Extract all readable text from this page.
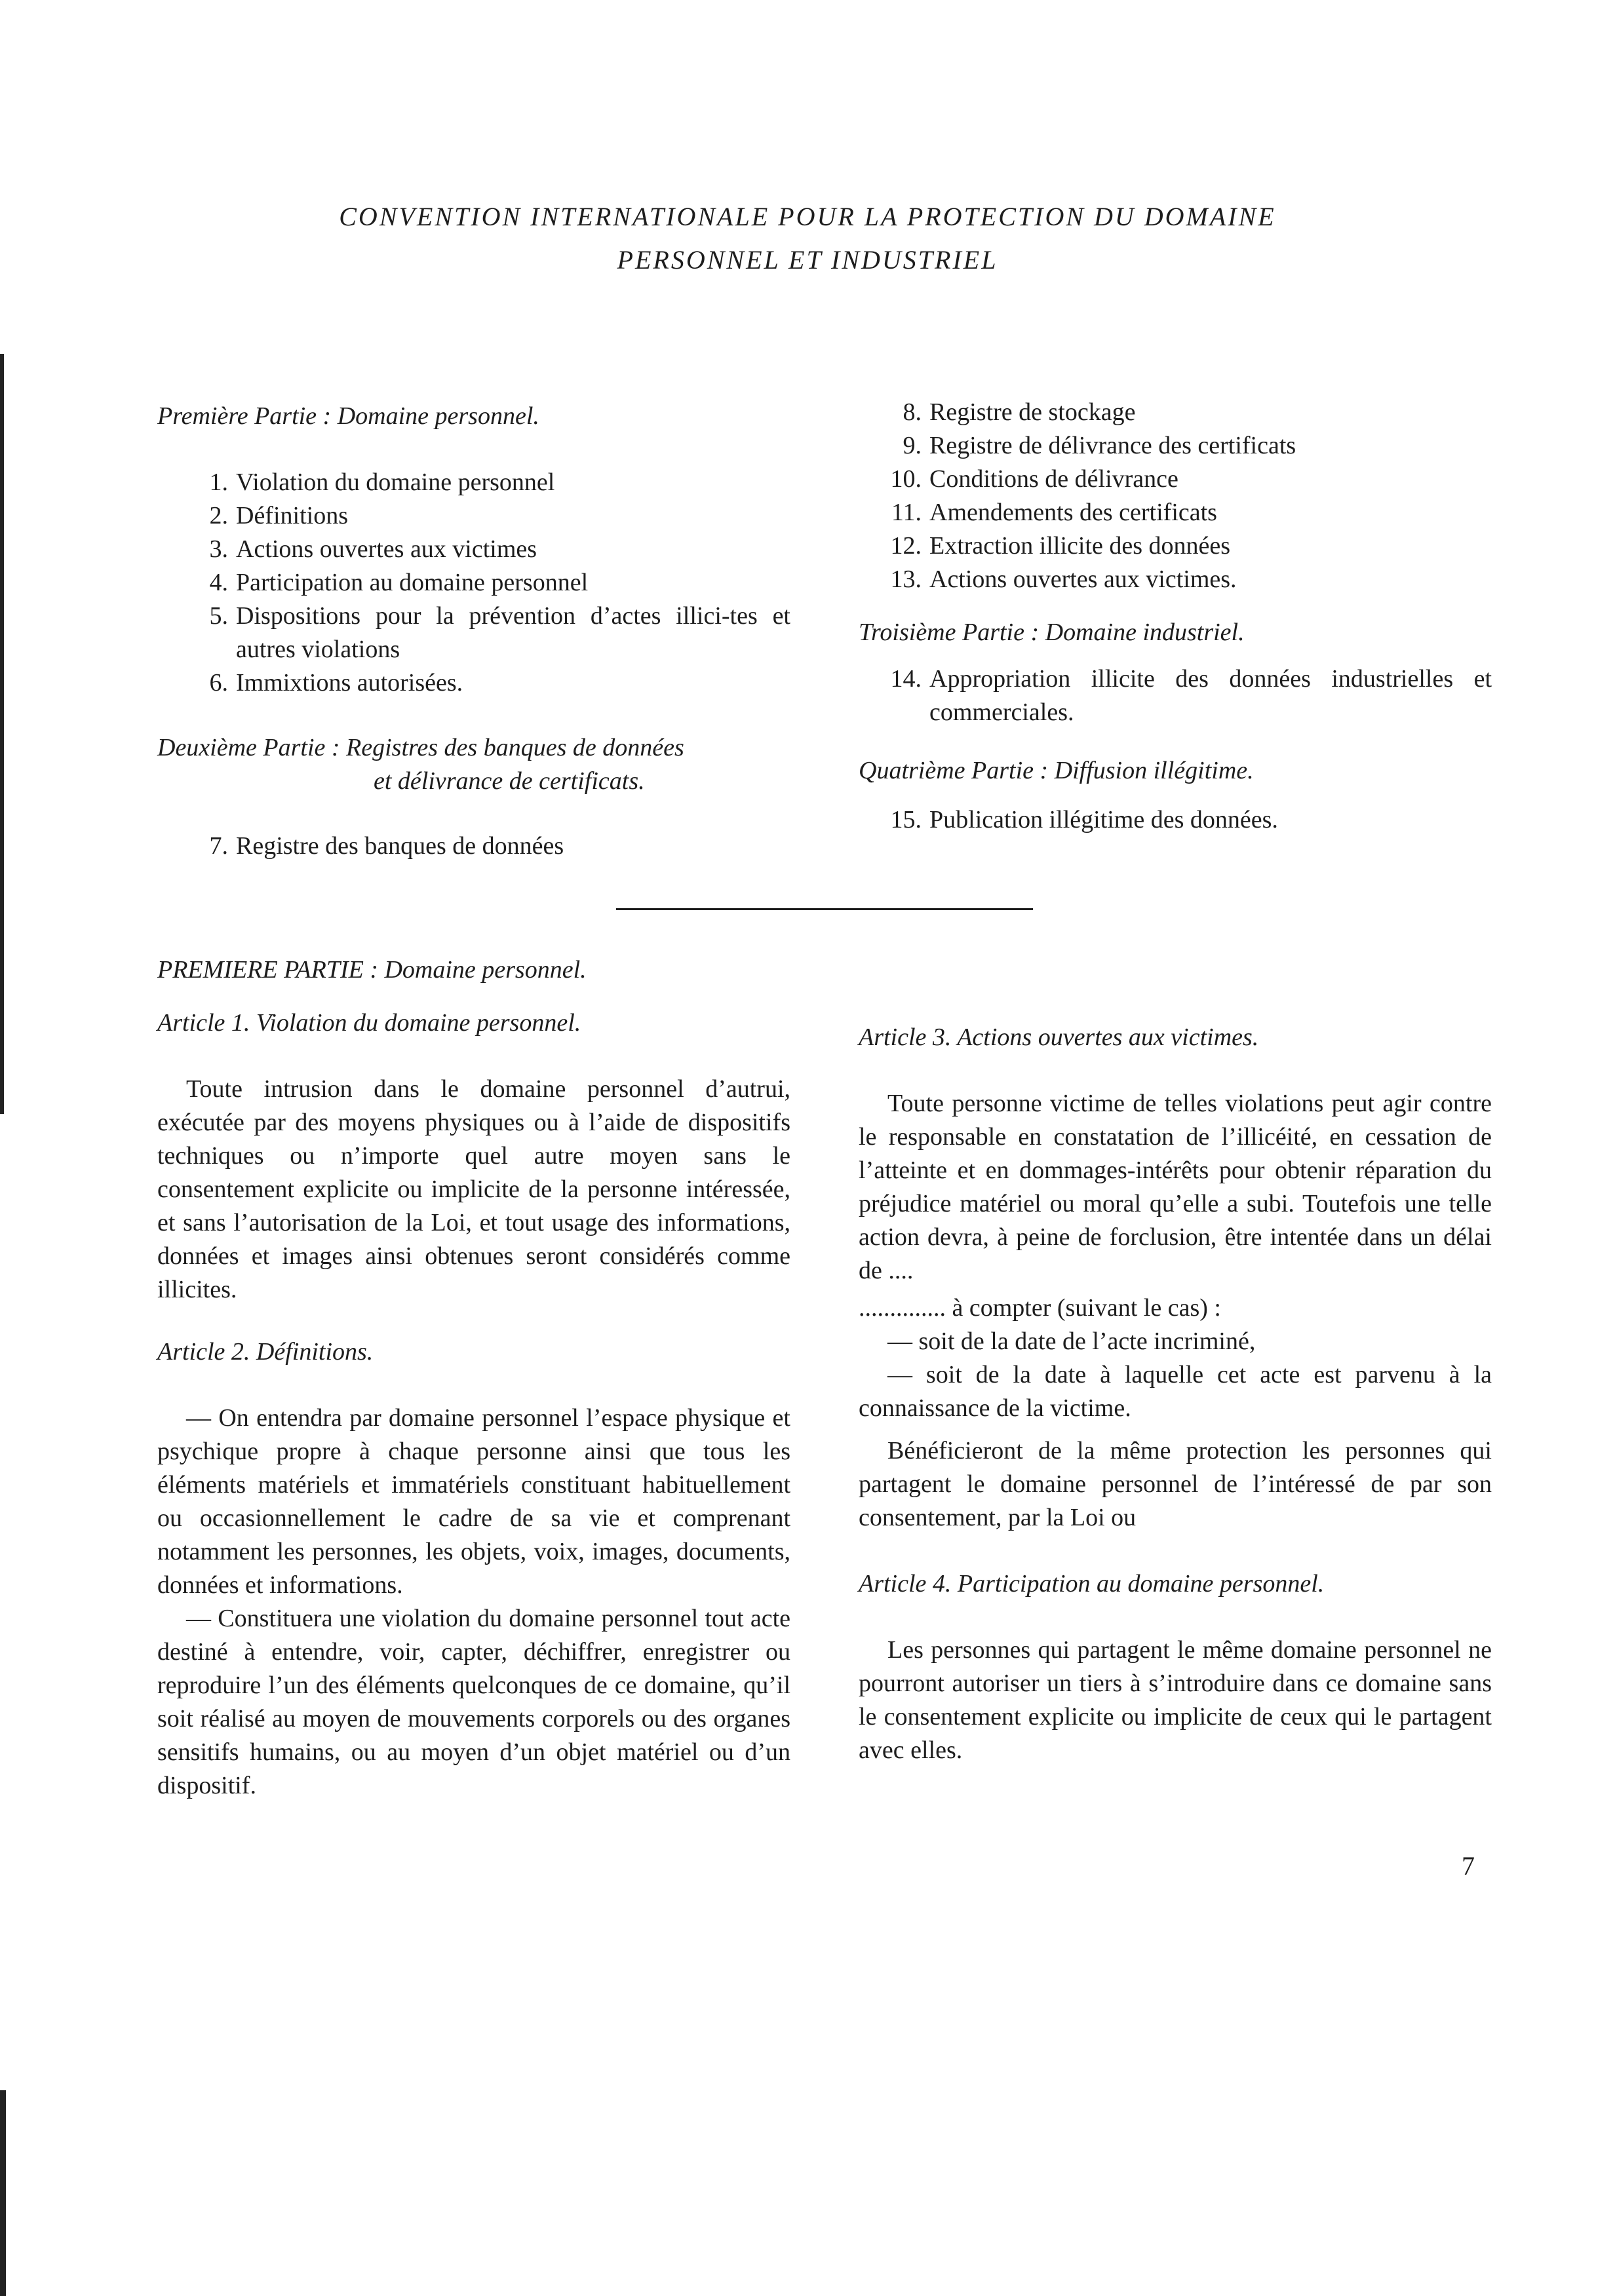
CONVENTION INTERNATIONALE POUR LA PROTECTION DU DOMAINE
PERSONNEL ET INDUSTRIEL
Première Partie : Domaine personnel.
1. Violation du domaine personnel
2. Définitions
3. Actions ouvertes aux victimes
4. Participation au domaine personnel
5. Dispositions pour la prévention d’actes illici-tes et autres violations
6. Immixtions autorisées.
Deuxième Partie : Registres des banques de données
et délivrance de certificats.
7. Registre des banques de données
8. Registre de stockage
9. Registre de délivrance des certificats
10. Conditions de délivrance
11. Amendements des certificats
12. Extraction illicite des données
13. Actions ouvertes aux victimes.
Troisième Partie : Domaine industriel.
14. Appropriation illicite des données industrielles et commerciales.
Quatrième Partie : Diffusion illégitime.
15. Publication illégitime des données.

PREMIERE PARTIE : Domaine personnel.

Article 1. Violation du domaine personnel.

Toute intrusion dans le domaine personnel d’autrui, exécutée par des moyens physiques ou à l’aide de dispositifs techniques ou n’importe quel autre moyen sans le consentement explicite ou implicite de la personne intéressée, et sans l’autorisation de la Loi, et tout usage des informations, données et images ainsi obtenues seront considérés comme illicites.

Article 2. Définitions.

— On entendra par domaine personnel l’espace physique et psychique propre à chaque personne ainsi que tous les éléments matériels et immatériels constituant habituellement ou occasionnellement le cadre de sa vie et comprenant notamment les personnes, les objets, voix, images, documents, données et informations.

— Constituera une violation du domaine personnel tout acte destiné à entendre, voir, capter, déchiffrer, enregistrer ou reproduire l’un des éléments quelconques de ce domaine, qu’il soit réalisé au moyen de mouvements corporels ou des organes sensitifs humains, ou au moyen d’un objet matériel ou d’un dispositif.

Article 3. Actions ouvertes aux victimes.

Toute personne victime de telles violations peut agir contre le responsable en constatation de l’illicéité, en cessation de l’atteinte et en dommages-intérêts pour obtenir réparation du préjudice matériel ou moral qu’elle a subi. Toutefois une telle action devra, à peine de forclusion, être intentée dans un délai de ....

.............. à compter (suivant le cas) :

— soit de la date de l’acte incriminé,

— soit de la date à laquelle cet acte est parvenu à la connaissance de la victime.

Bénéficieront de la même protection les personnes qui partagent le domaine personnel de l’intéressé de par son consentement, par la Loi ou

Article 4. Participation au domaine personnel.

Les personnes qui partagent le même domaine personnel ne pourront autoriser un tiers à s’introduire dans ce domaine sans le consentement explicite ou implicite de ceux qui le partagent avec elles.

7
